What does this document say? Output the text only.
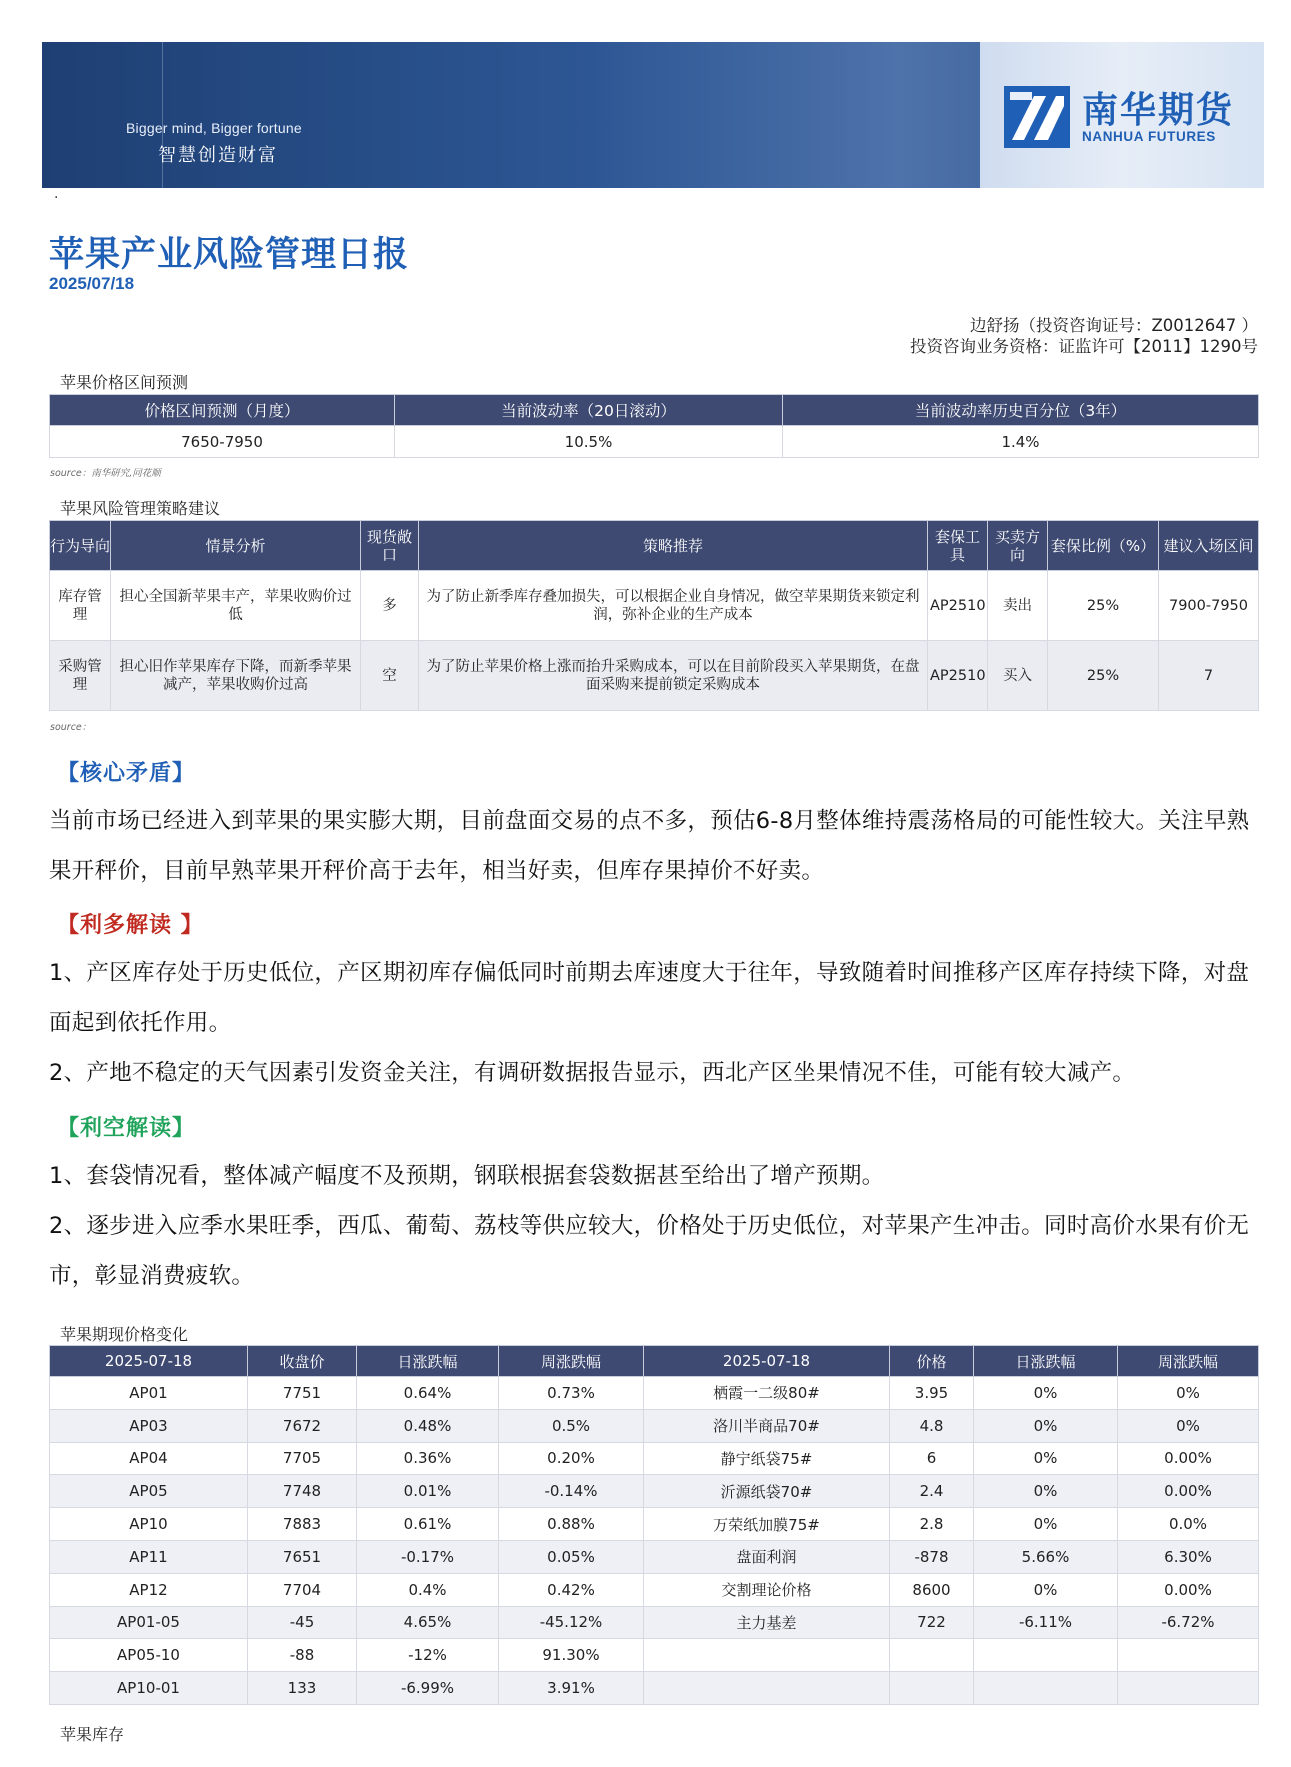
Bigger mind, Bigger fortune
智慧创造财富
南华期货
NANHUA FUTURES
·
苹果产业风险管理日报
2025/07/18
边舒扬（投资咨询证号：Z0012647 ）
投资咨询业务资格：证监许可【2011】1290号
苹果价格区间预测
价格区间预测（月度）	当前波动率（20日滚动）	当前波动率历史百分位（3年）
7650-7950	10.5%	1.4%
source：南华研究,同花顺
苹果风险管理策略建议
行为导向	情景分析	现货敞口	策略推荐	套保工具	买卖方向	套保比例（%）	建议入场区间
库存管理	担心全国新苹果丰产，苹果收购价过低	多	为了防止新季库存叠加损失，可以根据企业自身情况，做空苹果期货来锁定利润，弥补企业的生产成本	AP2510	卖出	25%	7900-7950
采购管理	担心旧作苹果库存下降，而新季苹果减产，苹果收购价过高	空	为了防止苹果价格上涨而抬升采购成本，可以在目前阶段买入苹果期货，在盘面采购来提前锁定采购成本	AP2510	买入	25%	7
source：
【核心矛盾】
当前市场已经进入到苹果的果实膨大期，目前盘面交易的点不多，预估6-8月整体维持震荡格局的可能性较大。关注早熟果开秤价，目前早熟苹果开秤价高于去年，相当好卖，但库存果掉价不好卖。
【利多解读 】
1、产区库存处于历史低位，产区期初库存偏低同时前期去库速度大于往年，导致随着时间推移产区库存持续下降，对盘面起到依托作用。
2、产地不稳定的天气因素引发资金关注，有调研数据报告显示，西北产区坐果情况不佳，可能有较大减产。
【利空解读】
1、套袋情况看，整体减产幅度不及预期，钢联根据套袋数据甚至给出了增产预期。
2、逐步进入应季水果旺季，西瓜、葡萄、荔枝等供应较大，价格处于历史低位，对苹果产生冲击。同时高价水果有价无市，彰显消费疲软。
苹果期现价格变化
2025-07-18	收盘价	日涨跌幅	周涨跌幅	2025-07-18	价格	日涨跌幅	周涨跌幅
AP01	7751	0.64%	0.73%	栖霞一二级80#	3.95	0%	0%
AP03	7672	0.48%	0.5%	洛川半商品70#	4.8	0%	0%
AP04	7705	0.36%	0.20%	静宁纸袋75#	6	0%	0.00%
AP05	7748	0.01%	-0.14%	沂源纸袋70#	2.4	0%	0.00%
AP10	7883	0.61%	0.88%	万荣纸加膜75#	2.8	0%	0.0%
AP11	7651	-0.17%	0.05%	盘面利润	-878	5.66%	6.30%
AP12	7704	0.4%	0.42%	交割理论价格	8600	0%	0.00%
AP01-05	-45	4.65%	-45.12%	主力基差	722	-6.11%	-6.72%
AP05-10	-88	-12%	91.30%				
AP10-01	133	-6.99%	3.91%				
苹果库存
